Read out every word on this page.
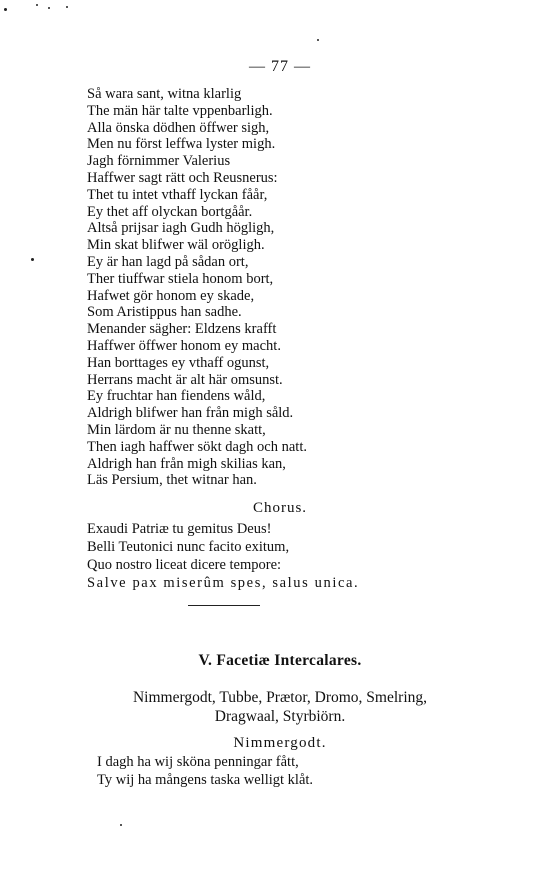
— 77 —
Så wara sant, witna klarlig
The män här talte vppenbarligh.
Alla önska dödhen öffwer sigh,
Men nu först leffwa lyster migh.
Jagh förnimmer Valerius
Haffwer sagt rätt och Reusnerus:
Thet tu intet vthaff lyckan fåår,
Ey thet aff olyckan bortgåår.
Altså prijsar iagh Gudh högligh,
Min skat blifwer wäl orögligh.
Ey är han lagd på sådan ort,
Ther tiuffwar stiela honom bort,
Hafwet gör honom ey skade,
Som Aristippus han sadhe.
Menander sägher: Eldzens krafft
Haffwer öffwer honom ey macht.
Han borttages ey vthaff ogunst,
Herrans macht är alt här omsunst.
Ey fruchtar han fiendens wåld,
Aldrigh blifwer han från migh såld.
Min lärdom är nu thenne skatt,
Then iagh haffwer sökt dagh och natt.
Aldrigh han från migh skilias kan,
Läs Persium, thet witnar han.
Chorus.
Exaudi Patriæ tu gemitus Deus!
Belli Teutonici nunc facito exitum,
Quo nostro liceat dicere tempore:
Salve pax miserûm spes, salus unica.
V. Facetiæ Intercalares.
Nimmergodt, Tubbe, Prætor, Dromo, Smelring,
Dragwaal, Styrbiörn.
Nimmergodt.
I dagh ha wij sköna penningar fått,
Ty wij ha mångens taska welligt klåt.
